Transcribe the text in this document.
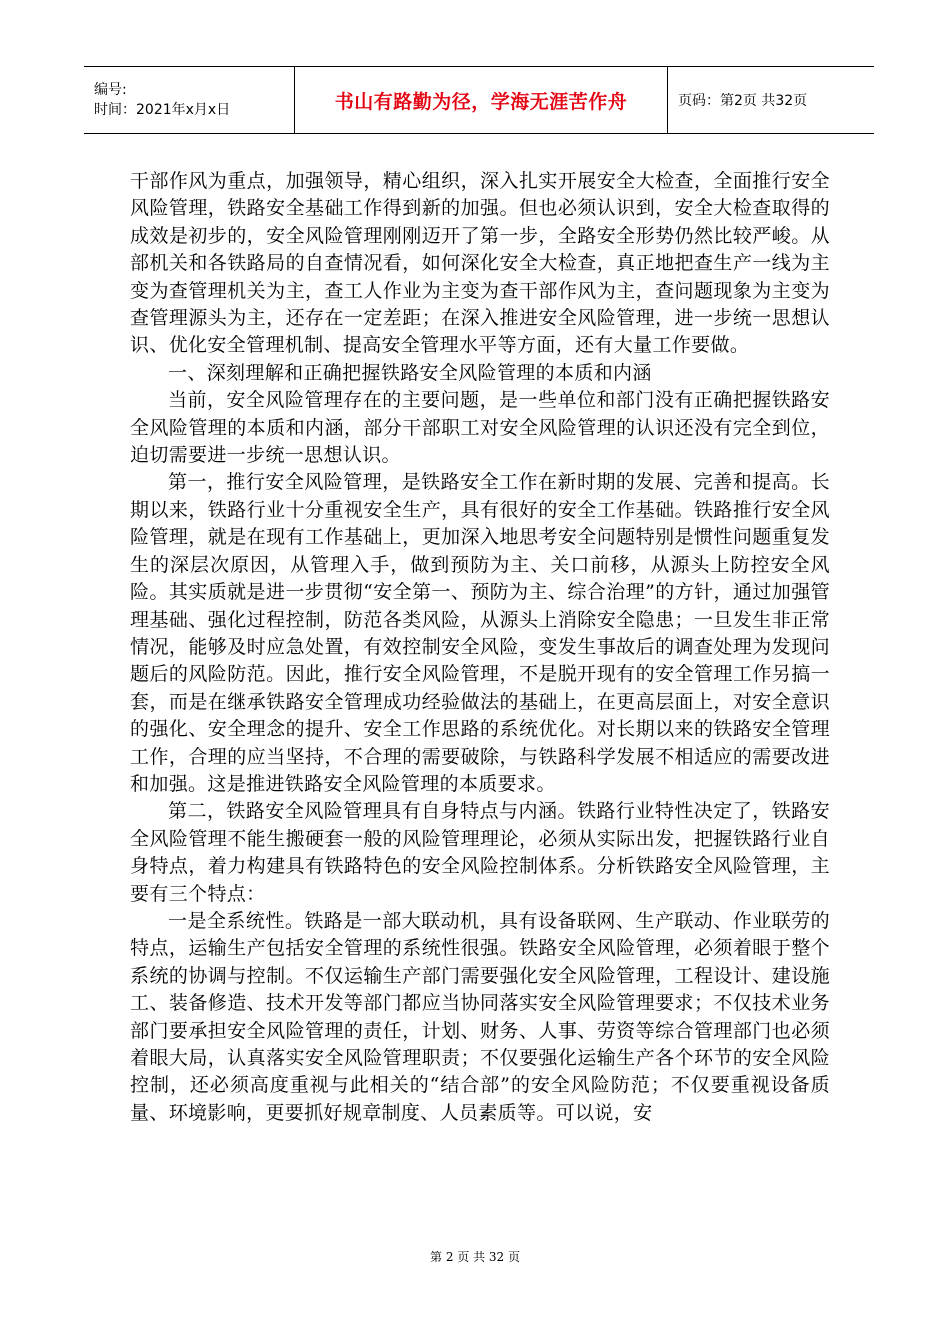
编号:
时间：2021年x月x日	书山有路勤为径，学海无涯苦作舟	页码：第2页 共32页

干部作风为重点，加强领导，精心组织，深入扎实开展安全大检查，全面推行安全风险管理，铁路安全基础工作得到新的加强。但也必须认识到，安全大检查取得的成效是初步的，安全风险管理刚刚迈开了第一步，全路安全形势仍然比较严峻。从部机关和各铁路局的自查情况看，如何深化安全大检查，真正地把查生产一线为主变为查管理机关为主，查工人作业为主变为查干部作风为主，查问题现象为主变为查管理源头为主，还存在一定差距；在深入推进安全风险管理，进一步统一思想认识、优化安全管理机制、提高安全管理水平等方面，还有大量工作要做。

一、深刻理解和正确把握铁路安全风险管理的本质和内涵

当前，安全风险管理存在的主要问题，是一些单位和部门没有正确把握铁路安全风险管理的本质和内涵，部分干部职工对安全风险管理的认识还没有完全到位，迫切需要进一步统一思想认识。

第一，推行安全风险管理，是铁路安全工作在新时期的发展、完善和提高。长期以来，铁路行业十分重视安全生产，具有很好的安全工作基础。铁路推行安全风险管理，就是在现有工作基础上，更加深入地思考安全问题特别是惯性问题重复发生的深层次原因，从管理入手，做到预防为主、关口前移，从源头上防控安全风险。其实质就是进一步贯彻“安全第一、预防为主、综合治理”的方针，通过加强管理基础、强化过程控制，防范各类风险，从源头上消除安全隐患；一旦发生非正常情况，能够及时应急处置，有效控制安全风险，变发生事故后的调查处理为发现问题后的风险防范。因此，推行安全风险管理，不是脱开现有的安全管理工作另搞一套，而是在继承铁路安全管理成功经验做法的基础上，在更高层面上，对安全意识的强化、安全理念的提升、安全工作思路的系统优化。对长期以来的铁路安全管理工作，合理的应当坚持，不合理的需要破除，与铁路科学发展不相适应的需要改进和加强。这是推进铁路安全风险管理的本质要求。

第二，铁路安全风险管理具有自身特点与内涵。铁路行业特性决定了，铁路安全风险管理不能生搬硬套一般的风险管理理论，必须从实际出发，把握铁路行业自身特点，着力构建具有铁路特色的安全风险控制体系。分析铁路安全风险管理，主要有三个特点：

一是全系统性。铁路是一部大联动机，具有设备联网、生产联动、作业联劳的特点，运输生产包括安全管理的系统性很强。铁路安全风险管理，必须着眼于整个系统的协调与控制。不仅运输生产部门需要强化安全风险管理，工程设计、建设施工、装备修造、技术开发等部门都应当协同落实安全风险管理要求；不仅技术业务部门要承担安全风险管理的责任，计划、财务、人事、劳资等综合管理部门也必须着眼大局，认真落实安全风险管理职责；不仅要强化运输生产各个环节的安全风险控制，还必须高度重视与此相关的“结合部”的安全风险防范；不仅要重视设备质量、环境影响，更要抓好规章制度、人员素质等。可以说，安

第 2 页 共 32 页
